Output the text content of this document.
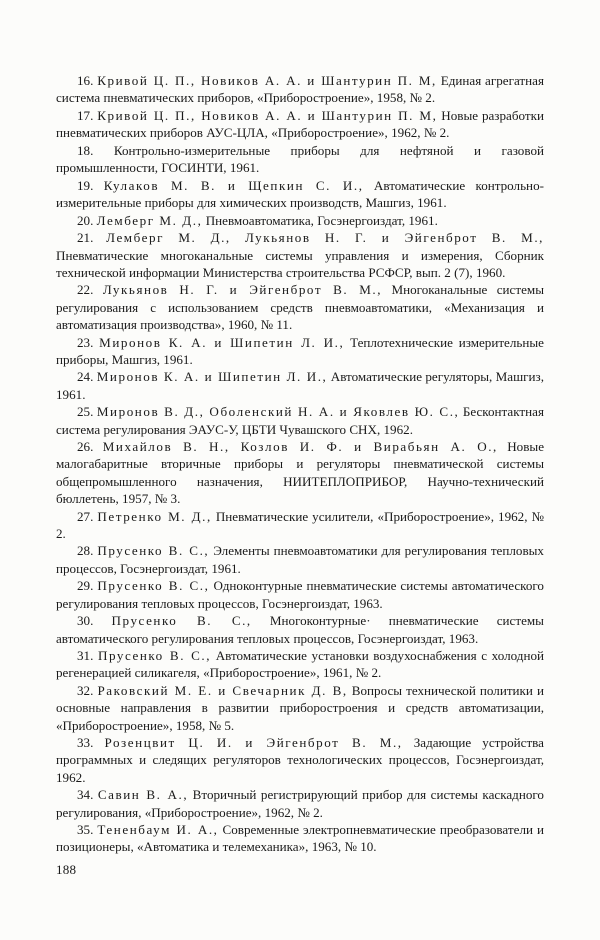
16. Кривой Ц. П., Новиков А. А. и Шантурин П. М, Единая агрегатная система пневматических приборов, «Приборостроение», 1958, № 2.

17. Кривой Ц. П., Новиков А. А. и Шантурин П. М, Новые разработки пневматических приборов АУС-ЦЛА, «Приборостроение», 1962, № 2.

18. Контрольно-измерительные приборы для нефтяной и газовой промышленности, ГОСИНТИ, 1961.

19. Кулаков М. В. и Щепкин С. И., Автоматические контрольно-измерительные приборы для химических производств, Машгиз, 1961.

20. Лемберг М. Д., Пневмоавтоматика, Госэнергоиздат, 1961.

21. Лемберг М. Д., Лукьянов Н. Г. и Эйгенброт В. М., Пневматические многоканальные системы управления и измерения, Сборник технической информации Министерства строительства РСФСР, вып. 2 (7), 1960.

22. Лукьянов Н. Г. и Эйгенброт В. М., Многоканальные системы регулирования с использованием средств пневмоавтоматики, «Механизация и автоматизация производства», 1960, № 11.

23. Миронов К. А. и Шипетин Л. И., Теплотехнические измерительные приборы, Машгиз, 1961.

24. Миронов К. А. и Шипетин Л. И., Автоматические регуляторы, Машгиз, 1961.

25. Миронов В. Д., Оболенский Н. А. и Яковлев Ю. С., Бесконтактная система регулирования ЭАУС-У, ЦБТИ Чувашского СНХ, 1962.

26. Михайлов В. Н., Козлов И. Ф. и Вирабьян А. О., Новые малогабаритные вторичные приборы и регуляторы пневматической системы общепромышленного назначения, НИИТЕПЛОПРИБОР, Научно-технический бюллетень, 1957, № 3.

27. Петренко М. Д., Пневматические усилители, «Приборостроение», 1962, № 2.

28. Прусенко В. С., Элементы пневмоавтоматики для регулирования тепловых процессов, Госэнергоиздат, 1961.

29. Прусенко В. С., Одноконтурные пневматические системы автоматического регулирования тепловых процессов, Госэнергоиздат, 1963.

30. Прусенко В. С., Многоконтурные· пневматические системы автоматического регулирования тепловых процессов, Госэнергоиздат, 1963.

31. Прусенко В. С., Автоматические установки воздухоснабжения с холодной регенерацией силикагеля, «Приборостроение», 1961, № 2.

32. Раковский М. Е. и Свечарник Д. В, Вопросы технической политики и основные направления в развитии приборостроения и средств автоматизации, «Приборостроение», 1958, № 5.

33. Розенцвит Ц. И. и Эйгенброт В. М., Задающие устройства программных и следящих регуляторов технологических процессов, Госэнергоиздат, 1962.

34. Савин В. А., Вторичный регистрирующий прибор для системы каскадного регулирования, «Приборостроение», 1962, № 2.

35. Тененбаум И. А., Современные электропневматические преобразователи и позиционеры, «Автоматика и телемеханика», 1963, № 10.

188
